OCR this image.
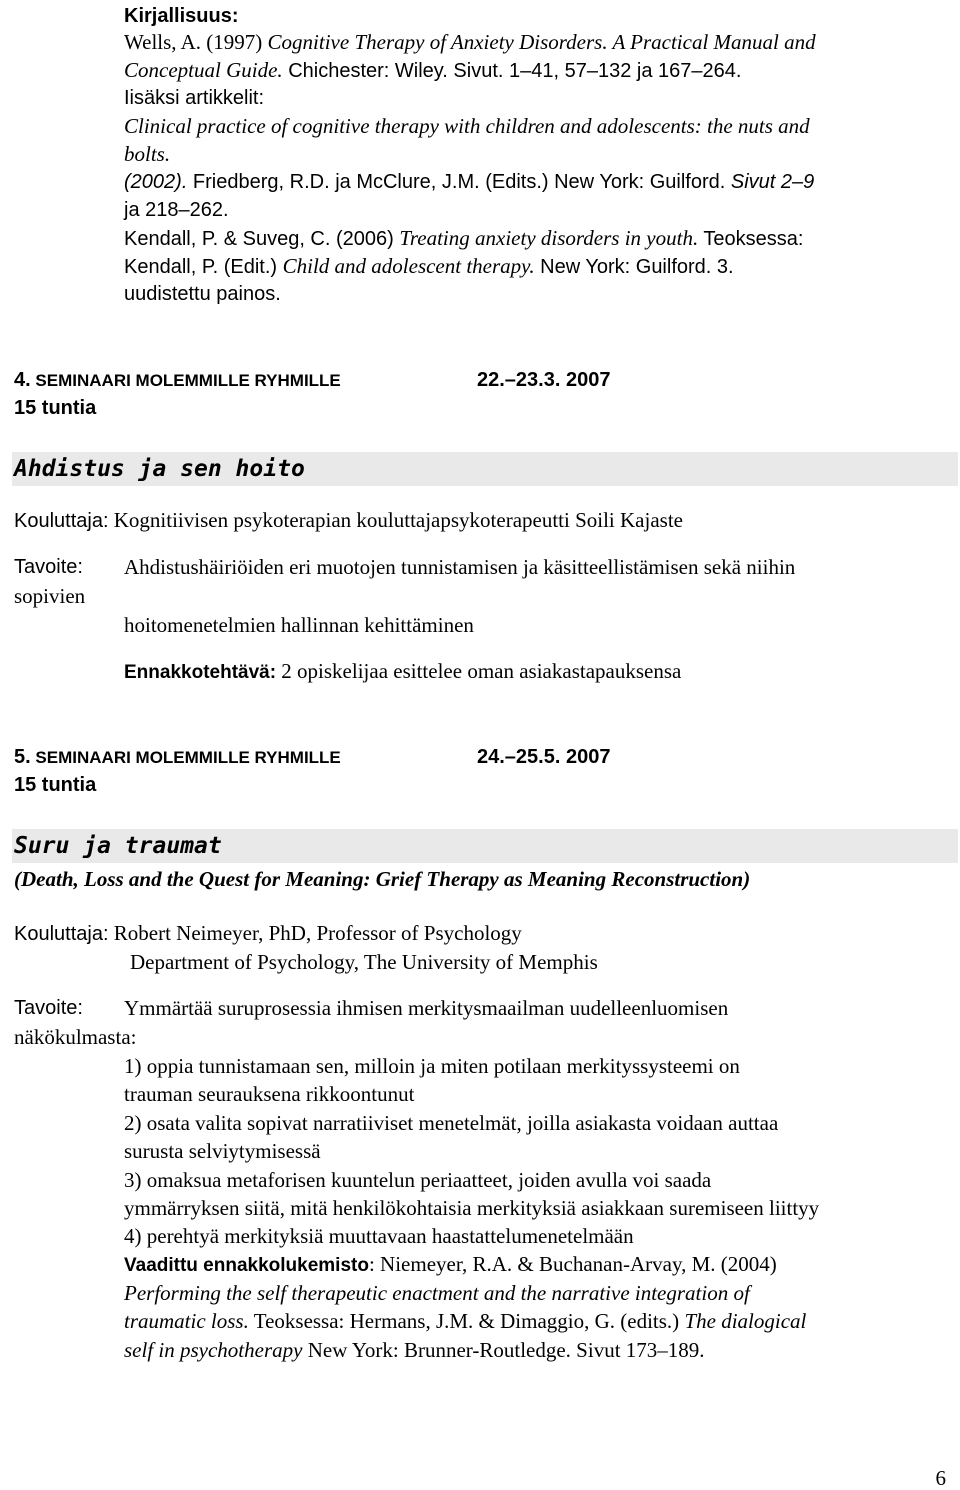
Kirjallisuus:
Wells, A. (1997) Cognitive Therapy of Anxiety Disorders. A Practical Manual and
Conceptual Guide. Chichester: Wiley. Sivut. 1–41, 57–132 ja 167–264.
Iisäksi artikkelit:
Clinical practice of cognitive therapy with children and adolescents: the nuts and
bolts.
(2002). Friedberg, R.D. ja McClure, J.M. (Edits.) New York: Guilford. Sivut 2–9
ja 218–262.
Kendall, P. & Suveg, C. (2006) Treating anxiety disorders in youth. Teoksessa:
Kendall, P. (Edit.) Child and adolescent therapy. New York: Guilford. 3.
uudistettu painos.
4. SEMINAARI MOLEMMILLE RYHMILLE	22.–23.3. 2007
15 tuntia
Ahdistus ja sen hoito
Kouluttaja: Kognitiivisen psykoterapian kouluttajapsykoterapeutti Soili Kajaste
Tavoite: Ahdistushäiriöiden eri muotojen tunnistamisen ja käsitteellistämisen sekä niihin
sopivien
hoitomenetelmien hallinnan kehittäminen
Ennakkotehtävä: 2 opiskelijaa esittelee oman asiakastapauksensa
5. SEMINAARI MOLEMMILLE RYHMILLE	24.–25.5. 2007
15 tuntia
Suru ja traumat
(Death, Loss and the Quest for Meaning: Grief Therapy as Meaning Reconstruction)
Kouluttaja: Robert Neimeyer, PhD, Professor of Psychology
Department of Psychology, The University of Memphis
Tavoite: Ymmärtää suruprosessia ihmisen merkitysmaailman uudelleenluomisen
näkökulmasta:
1) oppia tunnistamaan sen, milloin ja miten potilaan merkityssysteemi on
trauman seurauksena rikkoontunut
2) osata valita sopivat narratiiviset menetelmät, joilla asiakasta voidaan auttaa
surusta selviytymisessä
3) omaksua metaforisen kuuntelun periaatteet, joiden avulla voi saada
ymmärryksen siitä, mitä henkilökohtaisia merkityksiä asiakkaan suremiseen liittyy
4) perehtyä merkityksiä muuttavaan haastattelumenetelmään
Vaadittu ennakkolukemisto: Niemeyer, R.A. & Buchanan-Arvay, M. (2004)
Performing the self therapeutic enactment and the narrative integration of
traumatic loss. Teoksessa: Hermans, J.M. & Dimaggio, G. (edits.) The dialogical
self in psychotherapy New York: Brunner-Routledge. Sivut 173–189.
6
